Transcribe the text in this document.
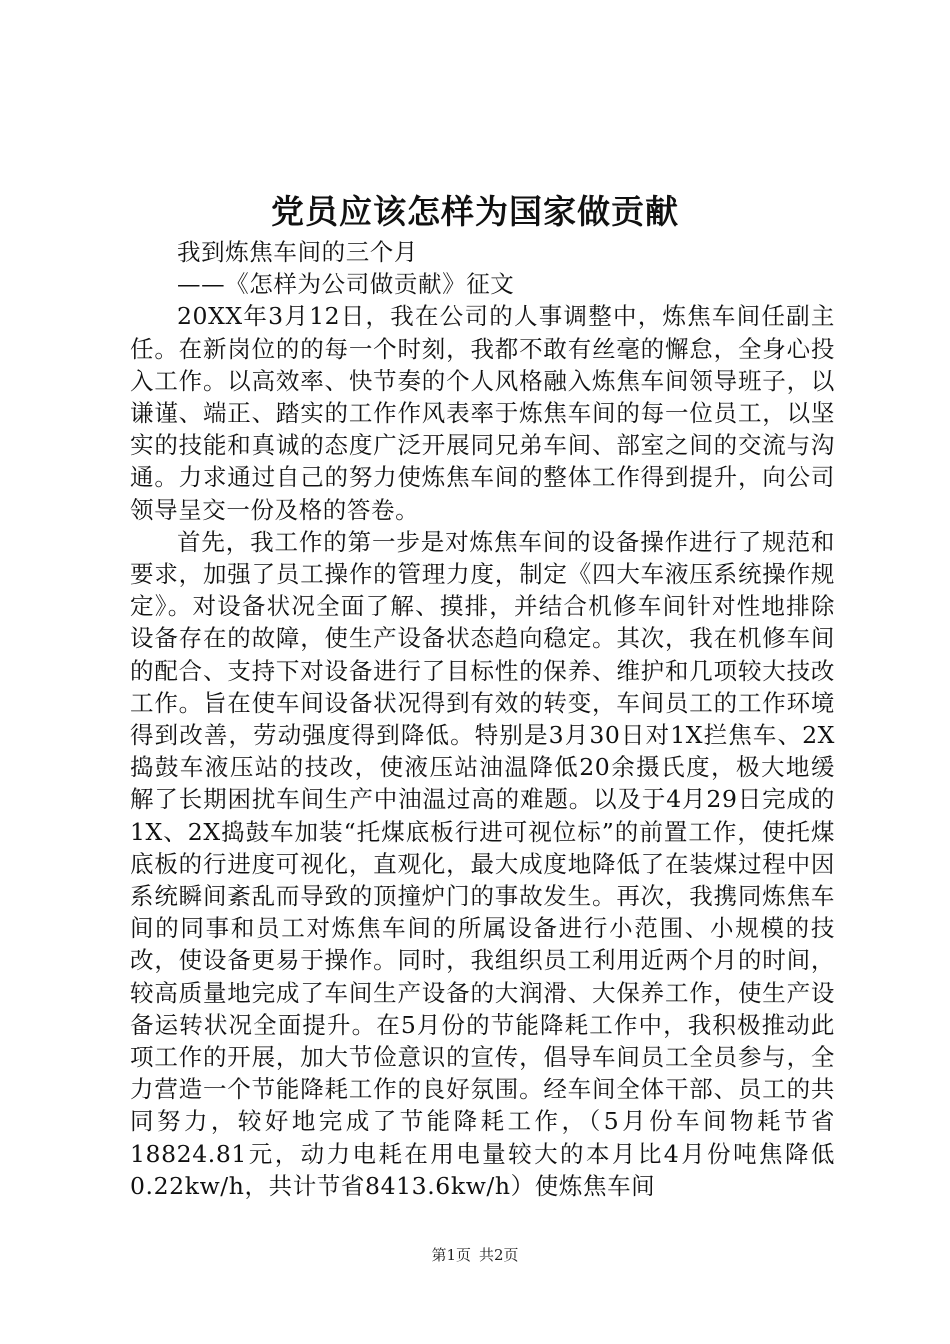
党员应该怎样为国家做贡献

我到炼焦车间的三个月

——《怎样为公司做贡献》征文

20XX年3月12日，我在公司的人事调整中，炼焦车间任副主任。在新岗位的的每一个时刻，我都不敢有丝毫的懈怠，全身心投入工作。以高效率、快节奏的个人风格融入炼焦车间领导班子，以谦谨、端正、踏实的工作作风表率于炼焦车间的每一位员工，以坚实的技能和真诚的态度广泛开展同兄弟车间、部室之间的交流与沟通。力求通过自己的努力使炼焦车间的整体工作得到提升，向公司领导呈交一份及格的答卷。

首先，我工作的第一步是对炼焦车间的设备操作进行了规范和要求，加强了员工操作的管理力度，制定《四大车液压系统操作规定》。对设备状况全面了解、摸排，并结合机修车间针对性地排除设备存在的故障，使生产设备状态趋向稳定。其次，我在机修车间的配合、支持下对设备进行了目标性的保养、维护和几项较大技改工作。旨在使车间设备状况得到有效的转变，车间员工的工作环境得到改善，劳动强度得到降低。特别是3月30日对1X拦焦车、2X捣鼓车液压站的技改，使液压站油温降低20余摄氏度，极大地缓解了长期困扰车间生产中油温过高的难题。以及于4月29日完成的1X、2X捣鼓车加装“托煤底板行进可视位标”的前置工作，使托煤底板的行进度可视化，直观化，最大成度地降低了在装煤过程中因系统瞬间紊乱而导致的顶撞炉门的事故发生。再次，我携同炼焦车间的同事和员工对炼焦车间的所属设备进行小范围、小规模的技改，使设备更易于操作。同时，我组织员工利用近两个月的时间，较高质量地完成了车间生产设备的大润滑、大保养工作，使生产设备运转状况全面提升。在5月份的节能降耗工作中，我积极推动此项工作的开展，加大节俭意识的宣传，倡导车间员工全员参与，全力营造一个节能降耗工作的良好氛围。经车间全体干部、员工的共同努力，较好地完成了节能降耗工作，（5月份车间物耗节省18824.81元，动力电耗在用电量较大的本月比4月份吨焦降低0.22kw/h，共计节省8413.6kw/h）使炼焦车间

第1页 共2页
